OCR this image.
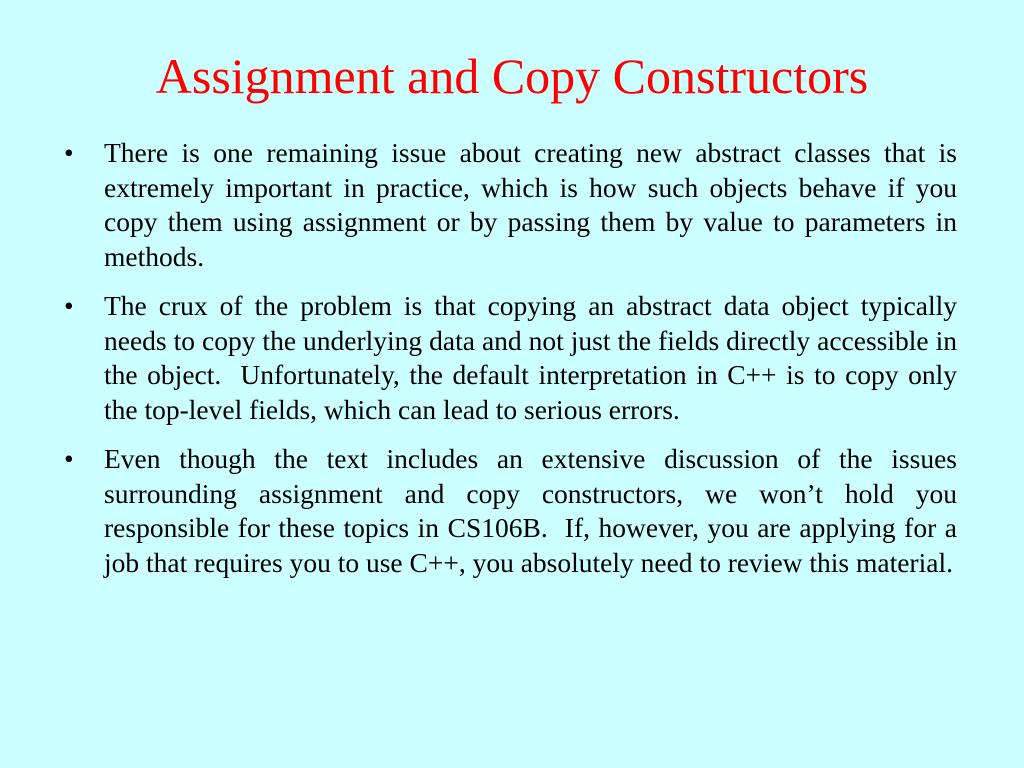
Assignment and Copy Constructors
• There is one remaining issue about creating new abstract classes that is extremely important in practice, which is how such objects behave if you copy them using assignment or by passing them by value to parameters in methods.
• The crux of the problem is that copying an abstract data object typically needs to copy the underlying data and not just the fields directly accessible in the object.  Unfortunately, the default interpretation in C++ is to copy only the top-level fields, which can lead to serious errors.
• Even though the text includes an extensive discussion of the issues surrounding assignment and copy constructors, we won’t hold you responsible for these topics in CS106B.  If, however, you are applying for a job that requires you to use C++, you absolutely need to review this material.
